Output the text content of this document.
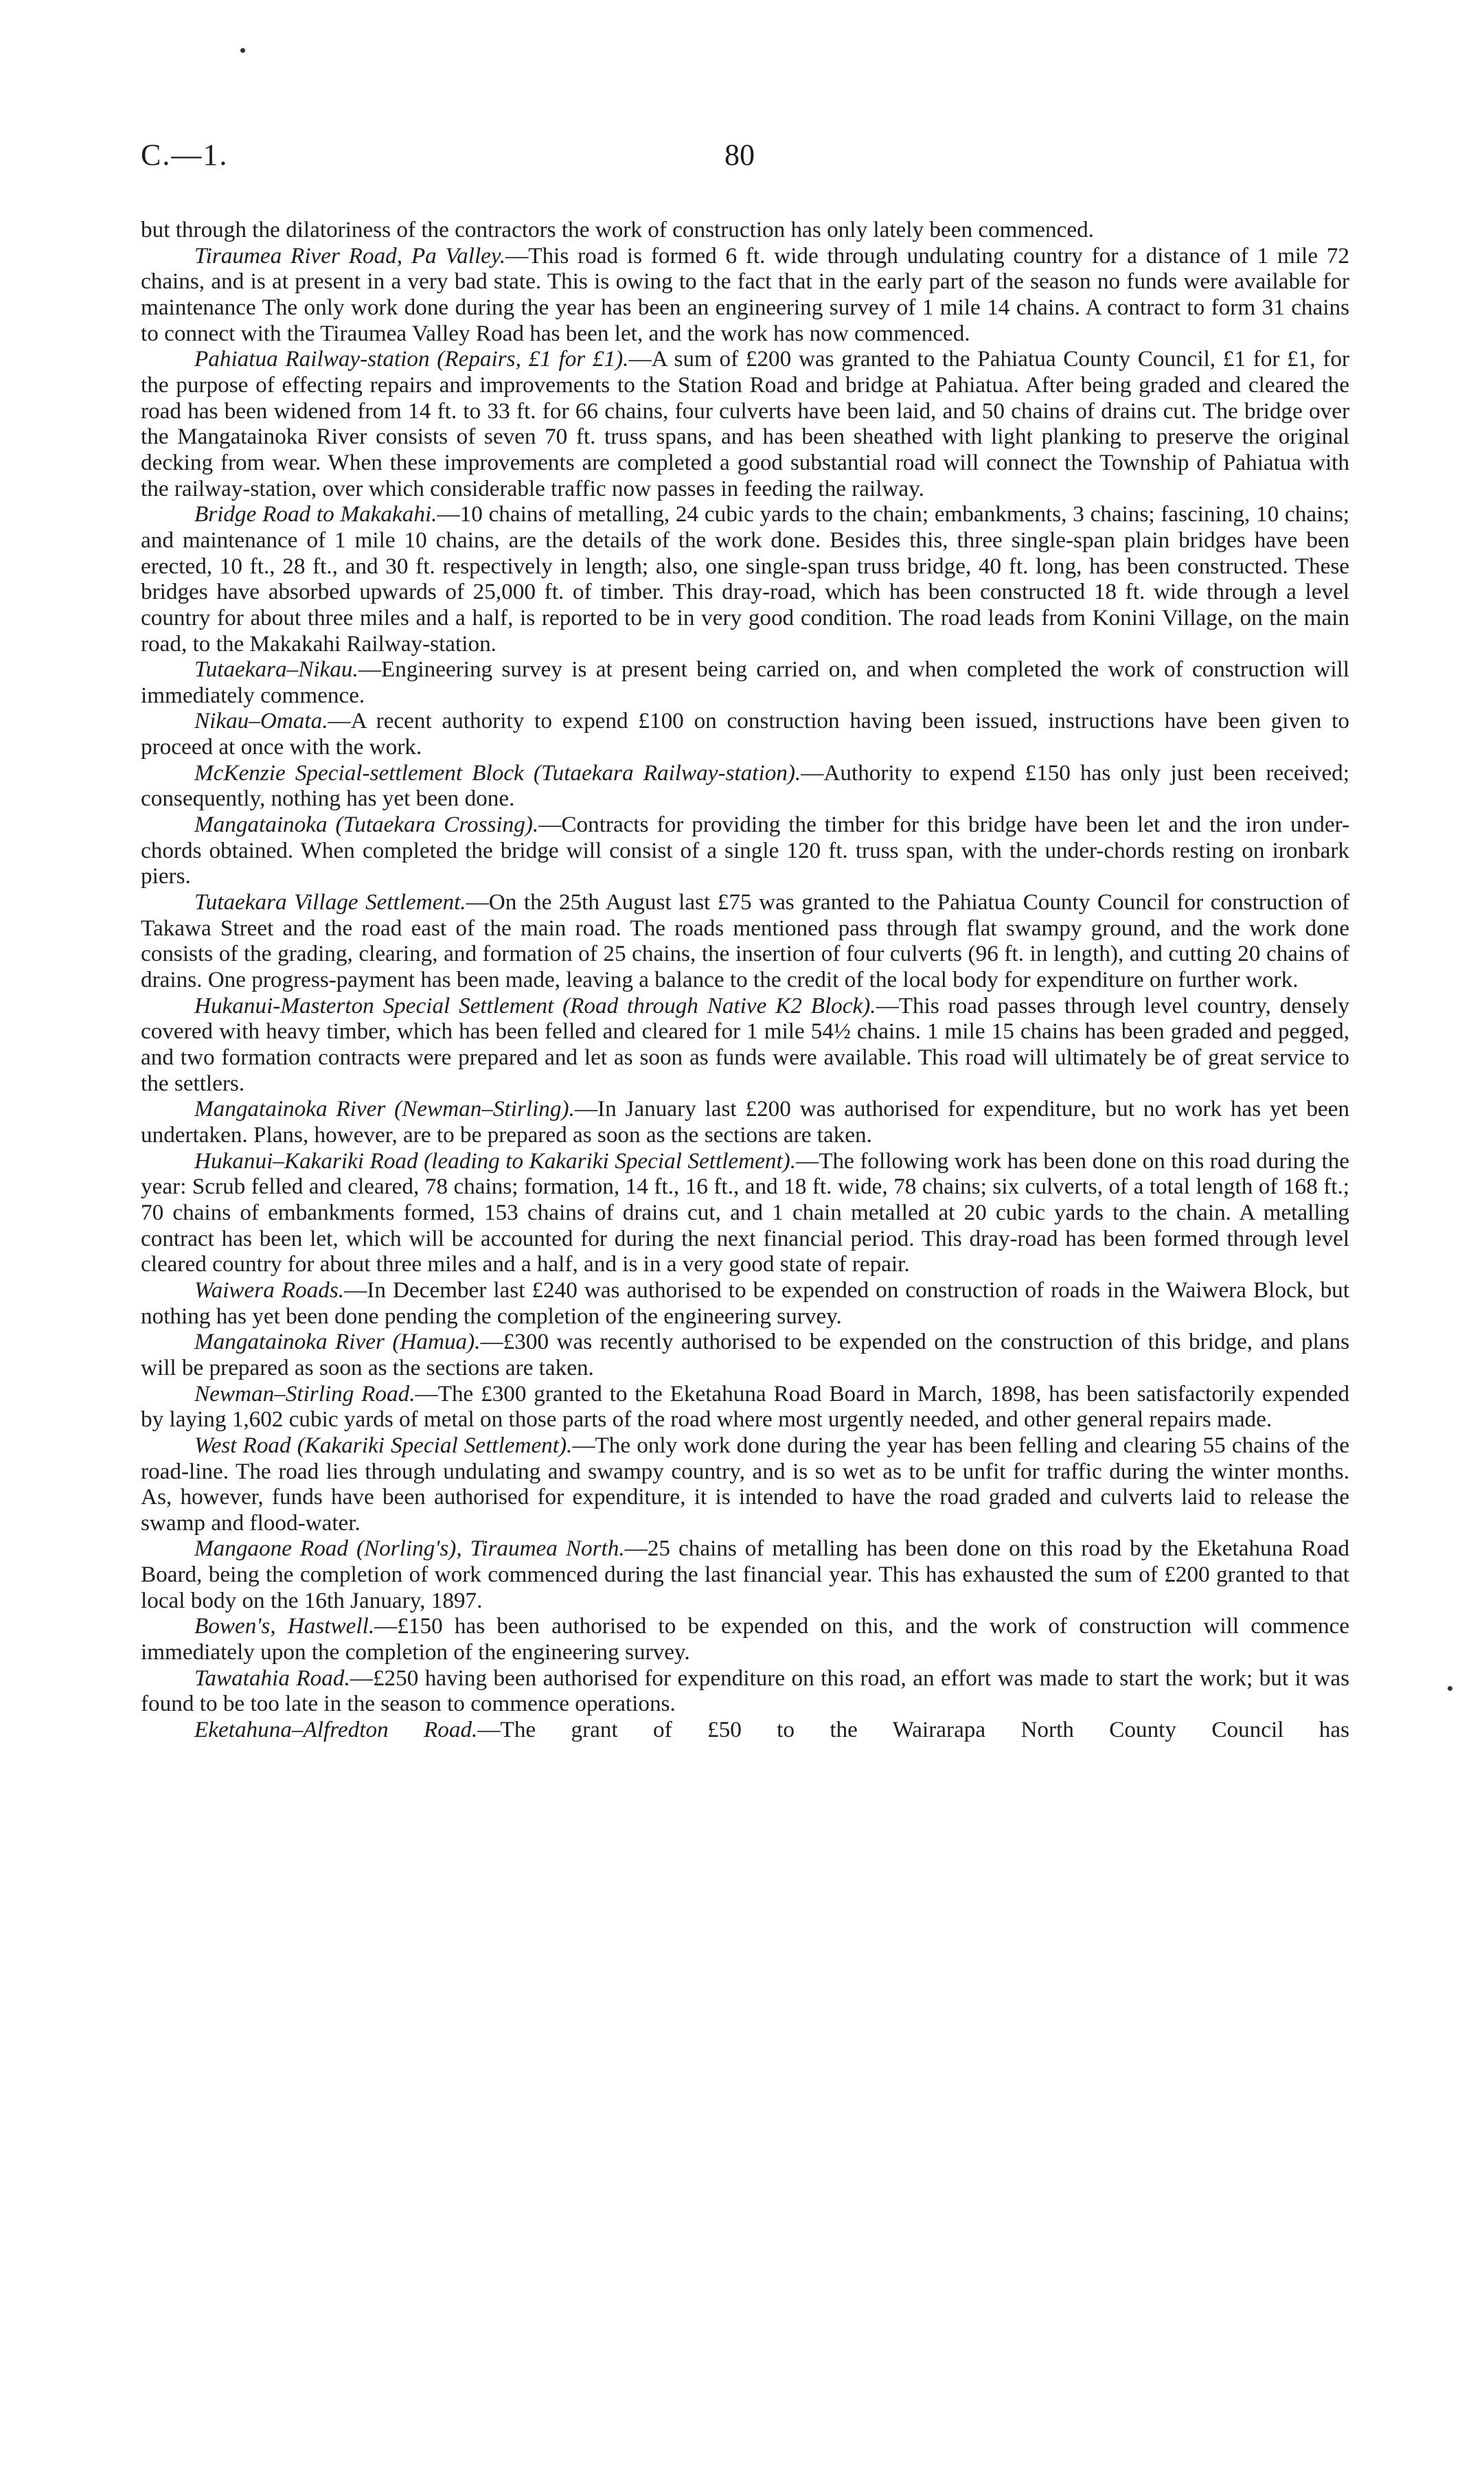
C.—1.	80

but through the dilatoriness of the contractors the work of construction has only lately been commenced.

Tiraumea River Road, Pa Valley.—This road is formed 6 ft. wide through undulating country for a distance of 1 mile 72 chains, and is at present in a very bad state. This is owing to the fact that in the early part of the season no funds were available for maintenance The only work done during the year has been an engineering survey of 1 mile 14 chains. A contract to form 31 chains to connect with the Tiraumea Valley Road has been let, and the work has now commenced.

Pahiatua Railway-station (Repairs, £1 for £1).—A sum of £200 was granted to the Pahiatua County Council, £1 for £1, for the purpose of effecting repairs and improvements to the Station Road and bridge at Pahiatua. After being graded and cleared the road has been widened from 14 ft. to 33 ft. for 66 chains, four culverts have been laid, and 50 chains of drains cut. The bridge over the Mangatainoka River consists of seven 70 ft. truss spans, and has been sheathed with light planking to preserve the original decking from wear. When these improvements are completed a good substantial road will connect the Township of Pahiatua with the railway-station, over which considerable traffic now passes in feeding the railway.

Bridge Road to Makakahi.—10 chains of metalling, 24 cubic yards to the chain; embankments, 3 chains; fascining, 10 chains; and maintenance of 1 mile 10 chains, are the details of the work done. Besides this, three single-span plain bridges have been erected, 10 ft., 28 ft., and 30 ft. respectively in length; also, one single-span truss bridge, 40 ft. long, has been constructed. These bridges have absorbed upwards of 25,000 ft. of timber. This dray-road, which has been constructed 18 ft. wide through a level country for about three miles and a half, is reported to be in very good condition. The road leads from Konini Village, on the main road, to the Makakahi Railway-station.

Tutaekara–Nikau.—Engineering survey is at present being carried on, and when completed the work of construction will immediately commence.

Nikau–Omata.—A recent authority to expend £100 on construction having been issued, instructions have been given to proceed at once with the work.

McKenzie Special-settlement Block (Tutaekara Railway-station).—Authority to expend £150 has only just been received; consequently, nothing has yet been done.

Mangatainoka (Tutaekara Crossing).—Contracts for providing the timber for this bridge have been let and the iron under-chords obtained. When completed the bridge will consist of a single 120 ft. truss span, with the under-chords resting on ironbark piers.

Tutaekara Village Settlement.—On the 25th August last £75 was granted to the Pahiatua County Council for construction of Takawa Street and the road east of the main road. The roads mentioned pass through flat swampy ground, and the work done consists of the grading, clearing, and formation of 25 chains, the insertion of four culverts (96 ft. in length), and cutting 20 chains of drains. One progress-payment has been made, leaving a balance to the credit of the local body for expenditure on further work.

Hukanui-Masterton Special Settlement (Road through Native K2 Block).—This road passes through level country, densely covered with heavy timber, which has been felled and cleared for 1 mile 54½ chains. 1 mile 15 chains has been graded and pegged, and two formation contracts were prepared and let as soon as funds were available. This road will ultimately be of great service to the settlers.

Mangatainoka River (Newman–Stirling).—In January last £200 was authorised for expenditure, but no work has yet been undertaken. Plans, however, are to be prepared as soon as the sections are taken.

Hukanui–Kakariki Road (leading to Kakariki Special Settlement).—The following work has been done on this road during the year: Scrub felled and cleared, 78 chains; formation, 14 ft., 16 ft., and 18 ft. wide, 78 chains; six culverts, of a total length of 168 ft.; 70 chains of embankments formed, 153 chains of drains cut, and 1 chain metalled at 20 cubic yards to the chain. A metalling contract has been let, which will be accounted for during the next financial period. This dray-road has been formed through level cleared country for about three miles and a half, and is in a very good state of repair.

Waiwera Roads.—In December last £240 was authorised to be expended on construction of roads in the Waiwera Block, but nothing has yet been done pending the completion of the engineering survey.

Mangatainoka River (Hamua).—£300 was recently authorised to be expended on the construction of this bridge, and plans will be prepared as soon as the sections are taken.

Newman–Stirling Road.—The £300 granted to the Eketahuna Road Board in March, 1898, has been satisfactorily expended by laying 1,602 cubic yards of metal on those parts of the road where most urgently needed, and other general repairs made.

West Road (Kakariki Special Settlement).—The only work done during the year has been felling and clearing 55 chains of the road-line. The road lies through undulating and swampy country, and is so wet as to be unfit for traffic during the winter months. As, however, funds have been authorised for expenditure, it is intended to have the road graded and culverts laid to release the swamp and flood-water.

Mangaone Road (Norling's), Tiraumea North.—25 chains of metalling has been done on this road by the Eketahuna Road Board, being the completion of work commenced during the last financial year. This has exhausted the sum of £200 granted to that local body on the 16th January, 1897.

Bowen's, Hastwell.—£150 has been authorised to be expended on this, and the work of construction will commence immediately upon the completion of the engineering survey.

Tawatahia Road.—£250 having been authorised for expenditure on this road, an effort was made to start the work; but it was found to be too late in the season to commence operations.

Eketahuna–Alfredton Road.—The grant of £50 to the Wairarapa North County Council has
